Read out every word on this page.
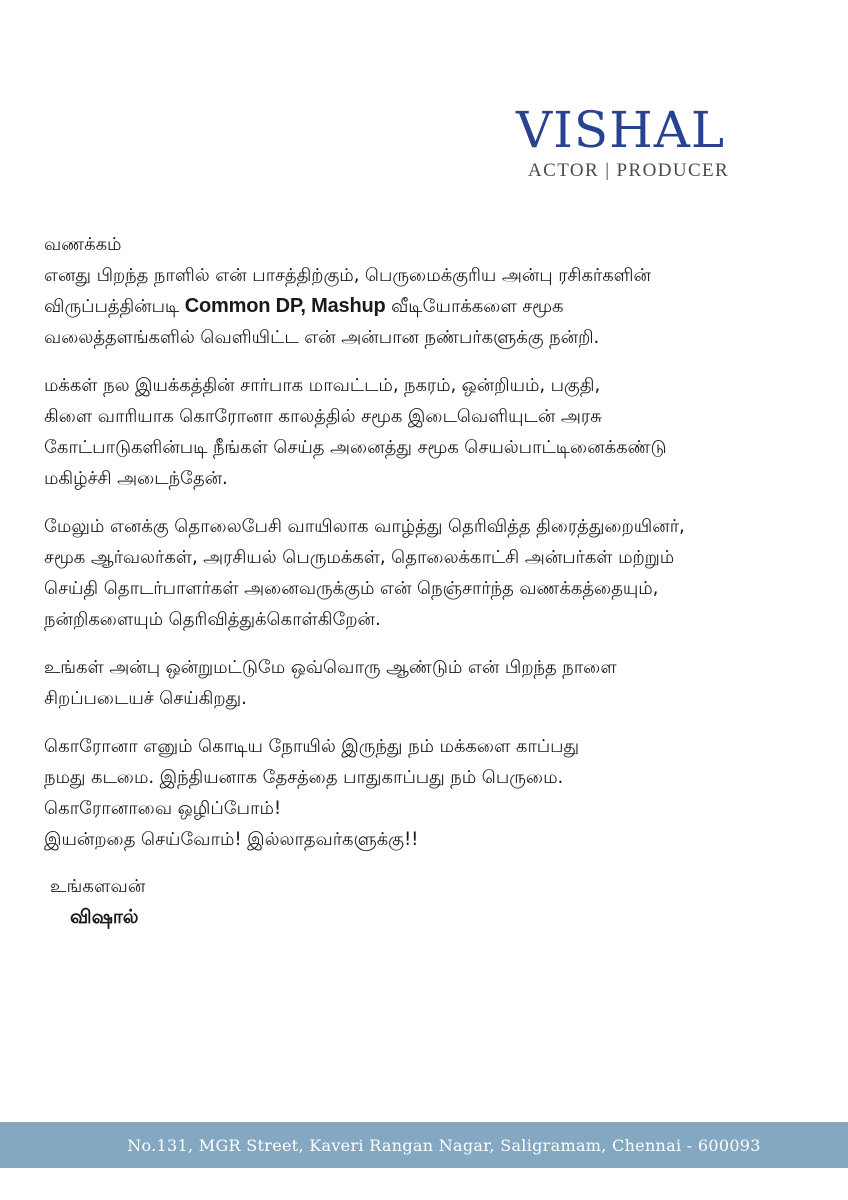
VISHAL
ACTOR | PRODUCER
வணக்கம்
எனது பிறந்த நாளில் என் பாசத்திற்கும், பெருமைக்குரிய அன்பு ரசிகர்களின்
விருப்பத்தின்படி Common DP, Mashup வீடியோக்களை சமூக
வலைத்தளங்களில் வெளியிட்ட என் அன்பான நண்பர்களுக்கு நன்றி.
மக்கள் நல இயக்கத்தின் சார்பாக மாவட்டம், நகரம், ஒன்றியம், பகுதி,
கிளை வாரியாக கொரோனா காலத்தில் சமூக இடைவெளியுடன் அரசு
கோட்பாடுகளின்படி நீங்கள் செய்த அனைத்து சமூக செயல்பாட்டினைக்கண்டு
மகிழ்ச்சி அடைந்தேன்.
மேலும் எனக்கு தொலைபேசி வாயிலாக வாழ்த்து தெரிவித்த திரைத்துறையினர்,
சமூக ஆர்வலர்கள், அரசியல் பெருமக்கள், தொலைக்காட்சி அன்பர்கள் மற்றும்
செய்தி தொடர்பாளர்கள் அனைவருக்கும் என் நெஞ்சார்ந்த வணக்கத்தையும்,
நன்றிகளையும் தெரிவித்துக்கொள்கிறேன்.
உங்கள் அன்பு ஒன்றுமட்டுமே ஒவ்வொரு ஆண்டும் என் பிறந்த நாளை
சிறப்படையச் செய்கிறது.
கொரோனா எனும் கொடிய நோயில் இருந்து நம் மக்களை காப்பது
நமது கடமை. இந்தியனாக தேசத்தை பாதுகாப்பது நம் பெருமை.
கொரோனாவை ஒழிப்போம்!
இயன்றதை செய்வோம்! இல்லாதவர்களுக்கு!!
உங்களவன்
விஷால்
No.131, MGR Street, Kaveri Rangan Nagar, Saligramam, Chennai - 600093
